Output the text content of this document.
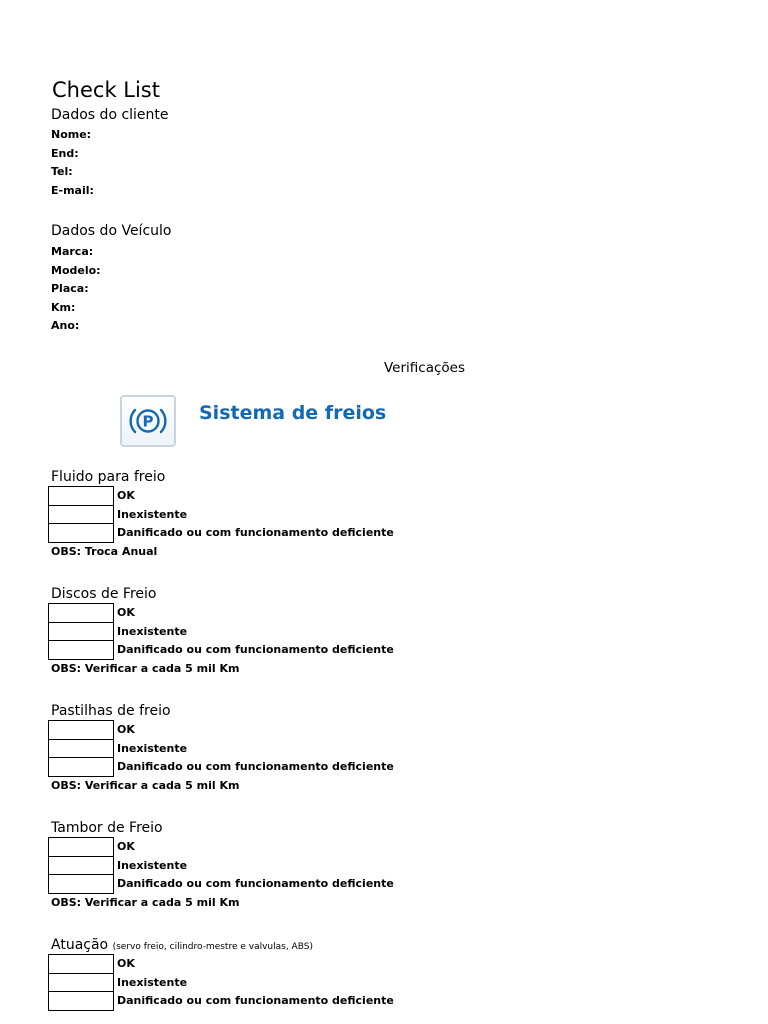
Check List
Dados do cliente
Nome:
End:
Tel:
E-mail:
Dados do Veículo
Marca:
Modelo:
Placa:
Km:
Ano:
Verificações
P Sistema de freios
Fluido para freio
OK
Inexistente
Danificado ou com funcionamento deficiente
OBS: Troca Anual
Discos de Freio
OK
Inexistente
Danificado ou com funcionamento deficiente
OBS: Verificar a cada 5 mil Km
Pastilhas de freio
OK
Inexistente
Danificado ou com funcionamento deficiente
OBS: Verificar a cada 5 mil Km
Tambor de Freio
OK
Inexistente
Danificado ou com funcionamento deficiente
OBS: Verificar a cada 5 mil Km
Atuação (servo freio, cilindro-mestre e valvulas, ABS)
OK
Inexistente
Danificado ou com funcionamento deficiente
